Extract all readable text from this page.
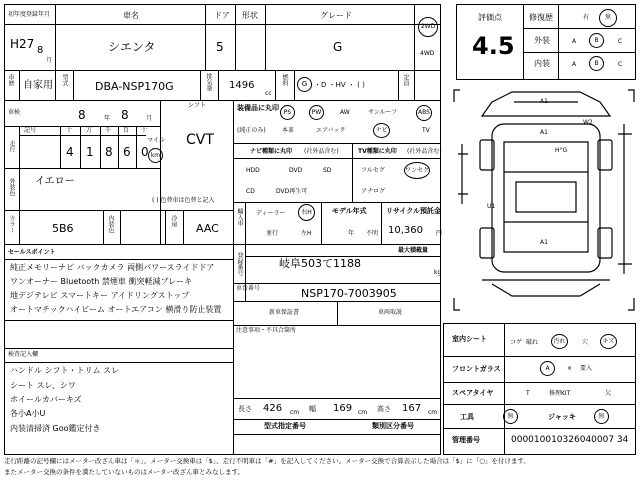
初年度登録年月
H27 8
月
車名
シエンタ
ドア
5
形状	グレード
G
2WD
4WD
車歴 自家用 型式 DBA-NSP170G	排気量 1496
cc
燃料 G ・D ・HV ・ ( )	定員
車検	8	年 8	月
シフト
CVT
走行
記号	十 万 千 百 十
4 1 8 6 0
マイル
km
外装色 イエロー
( ) 色替車は色替と記入
カラー	5B6	内装色	冷房
AAC
装備品に丸印
(純正のみ)
PS	PW	AW	サンルーフ	ABS
本革	エアバック	ナビ	TV
ナビ種類に丸印 (社外品含む)
HDD	DVD	SD
CD	DVD再生可
TV種類に丸印 (社外品含む)
フルセグ	ワンセグ
アナログ
輸入車 ディーラー	右H
並行	左H
モデル年式
年 不明
リサイクル預託金
10,360 円
セールスポイント
純正メモリーナビ バックカメラ 両側パワースライドドア
ワンオーナー Bluetooth 禁煙車 衝突軽減ブレーキ
地デジテレビ スマートキー アイドリングストップ
オートマチックハイビーム オートエアコン 横滑り防止装置
最大積載量
登録番号	岐阜503て1188
kg
車台番号	NSP170-7003905
新車保証書	車両取説
注意事項・不具合箇所
検査記入欄
ハンドル シフト・トリム スレ
シート スレ、シワ
ホイールカバーキズ
各小A小U
内装清掃済 Goo鑑定付き
長さ 426 cm 幅 169 cm 高さ 167 cm
型式指定番号	類別区分番号
評価点
4.5
修復歴	有	無
外装	A	B	C
内装	A	B	C
A1
A1
W2
U1
H°G
A1
室内シート	コゲ 破れ	汚れ	穴 キズ
フロントガラス	A	× 要入
スペアタイヤ	T	修理KIT	欠
工具	無	ジャッキ	無
管理番号	000010010326040007 34
走行距離の記号欄にはメーター改ざん車は「＊」、メーター交換車は「$」、走行不明車は「#」を記入してください。メーター交換で合算表示した場合は「$」に「○」を付けます。
またメーター交換の条件を満たしていないものはメーター改ざん車とみなします。
